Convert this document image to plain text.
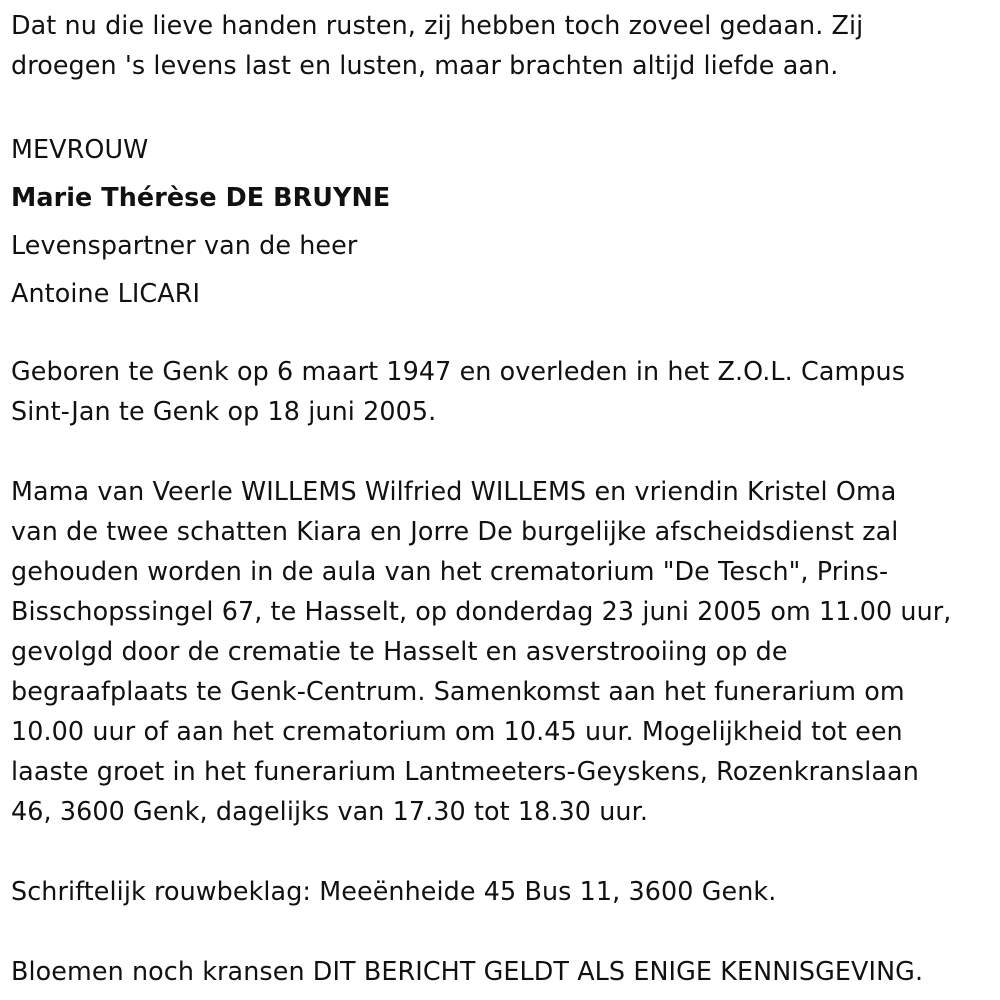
Dat nu die lieve handen rusten, zij hebben toch zoveel gedaan. Zij
droegen 's levens last en lusten, maar brachten altijd liefde aan.

MEVROUW

Marie Thérèse DE BRUYNE

Levenspartner van de heer

Antoine LICARI

Geboren te Genk op 6 maart 1947 en overleden in het Z.O.L. Campus
Sint-Jan te Genk op 18 juni 2005.

Mama van Veerle WILLEMS Wilfried WILLEMS en vriendin Kristel Oma
van de twee schatten Kiara en Jorre De burgelijke afscheidsdienst zal
gehouden worden in de aula van het crematorium "De Tesch", Prins-
Bisschopssingel 67, te Hasselt, op donderdag 23 juni 2005 om 11.00 uur,
gevolgd door de crematie te Hasselt en asverstrooiing op de
begraafplaats te Genk-Centrum. Samenkomst aan het funerarium om
10.00 uur of aan het crematorium om 10.45 uur. Mogelijkheid tot een
laaste groet in het funerarium Lantmeeters-Geyskens, Rozenkranslaan
46, 3600 Genk, dagelijks van 17.30 tot 18.30 uur.

Schriftelijk rouwbeklag: Meeënheide 45 Bus 11, 3600 Genk.

Bloemen noch kransen DIT BERICHT GELDT ALS ENIGE KENNISGEVING.
